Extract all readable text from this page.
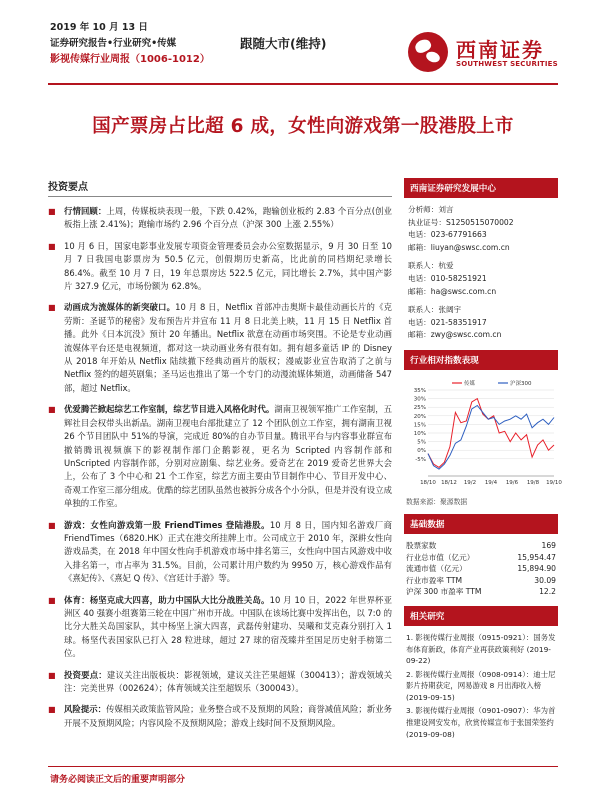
2019 年 10 月 13 日
证券研究报告•行业研究•传媒
影视传媒行业周报（1006-1012）
跟随大市(维持)	西南证券
SOUTHWEST SECURITIES
国产票房占比超 6 成，女性向游戏第一股港股上市
投资要点
■ 行情回顾：上周，传媒板块表现一般，下跌 0.42%，跑输创业板约 2.83 个百分点(创业板指上涨 2.41%)；跑输市场约 2.96 个百分点（沪深 300 上涨 2.55%）
■ 10 月 6 日，国家电影事业发展专项资金管理委员会办公室数据显示，9 月 30 日至 10月 7 日我国电影票房为 50.5 亿元，创假期历史新高，比此前的同档期纪录增长 86.4%。截至 10 月 7 日，19 年总票房达 522.5 亿元，同比增长 2.7%，其中国产影片 327.9 亿元，市场份额为 62.8%。
■ 动画成为流媒体的新突破口。10 月 8 日，Netflix 首部冲击奥斯卡最佳动画长片的《克劳斯：圣诞节的秘密》发布预告片并宣布 11 月 8 日北美上映，11 月 15 日 Netflix 首播。此外《日本沉没》预计 20 年播出。Netflix 欲意在动画市场突围。不论是专业动画流媒体平台还是电视频道，都对这一块动画业务有很有如。拥有超多童话 IP 的 Disney 从 2018 年开始从 Netflix 陆续撤下经典动画片的版权；漫威影业宣告取消了之前与 Netflix 签约的超英剧集；圣马运也推出了第一个专门的动漫流媒体频道，动画储备 547 部，超过 Netflix。
■ 优爱腾芒掀起综艺工作室制，综艺节目进入风格化时代。湖南卫视领军推广工作室制，五辉社目会权带头出新品。湖南卫视电台部批建立了 12 个团队创立工作室，拥有湖南卫视 26 个节目团队中 51%的导演，完成近 80%的自办节目量。腾讯平台与内容事业群宣布撤销腾讯视频旗下的影视制作部门企鹅影视，更名为 Scripted 内容制作部和 UnScripted 内容制作部，分别对应剧集、综艺业务。爱奇艺在 2019 爱奇艺世界大会上，公布了 3 个中心和 21 个工作室，综艺方面主要由节目制作中心、节目开发中心、奇观工作室三部分组成。优酷的综艺团队虽然也被拆分成各个小分队，但是并没有设立成单独的工作室。
■ 游戏：女性向游戏第一股 FriendTimes 登陆港股。10 月 8 日，国内知名游戏厂商 FriendTimes（6820.HK）正式在港交所挂牌上市。公司成立于 2010 年，深耕女性向游戏品类，在 2018 年中国女性向手机游戏市场中排名第三，女性向中国古风游戏中收入排名第一，市占率为 31.5%。目前，公司累计用户数约为 9950 万，核心游戏作品有《熹妃传》、《熹妃 Q 传》、《宫廷计手游》等。
■ 体育：杨坚克成大四喜，助力中国队大比分战胜关岛。10 月 10 日，2022 年世界杯亚洲区 40 强赛小组赛第三轮在中国广州市开战。中国队在该场比赛中发挥出色，以 7:0 的比分大胜关岛国家队，其中杨坚上演大四喜，武磊传射建功、吴曦和艾克森分别打入 1 球。杨坚代表国家队已打入 28 粒进球，超过 27 球的宿茂臻并至国足历史射手榜第二位。
■ 投资要点：建议关注出版板块：影视领域，建议关注芒果超媒（300413）；游戏领域关注：完美世界（002624）；体育领域关注至超娱乐（300043）。
■ 风险提示：传媒相关政策监管风险；业务整合或不及预期的风险；商誉减值风险；新业务开展不及预期风险；内容风险不及预期风险；游戏上线时间不及预期风险。
西南证券研究发展中心
分析师：刘言
执业证号：S1250515070002
电话：023-67791663
邮箱：liuyan@swsc.com.cn
联系人：杭爱
电话：010-58251921
邮箱：ha@swsc.com.cn
联系人：张阔宇
电话：021-58351917
邮箱：zwy@swsc.com.cn
行业相对指数表现
-5%
0%
5%
10%
15%
20%
25%
30%
35%
18/10 18/12 19/2 19/4 19/6 19/8 19/10
传媒	沪深300
数据来源：聚源数据
基础数据
股票家数	169
行业总市值（亿元）	15,954.47
流通市值（亿元）	15,894.90
行业市盈率 TTM	30.09
沪深 300 市盈率 TTM	12.2
相关研究
1. 影视传媒行业周报（0915-0921）：国务发布体育新政，体育产业再获政策利好 (2019-09-22)
2. 影视传媒行业周报（0908-0914）：迪士尼影片持期获定，网易游戏 8 月出海收入榜 (2019-09-15)
3. 影视传媒行业周报（0901-0907）：华为首推建设网安发布，欣赏传媒宣布于张国荣签约 (2019-09-08)
请务必阅读正文后的重要声明部分
